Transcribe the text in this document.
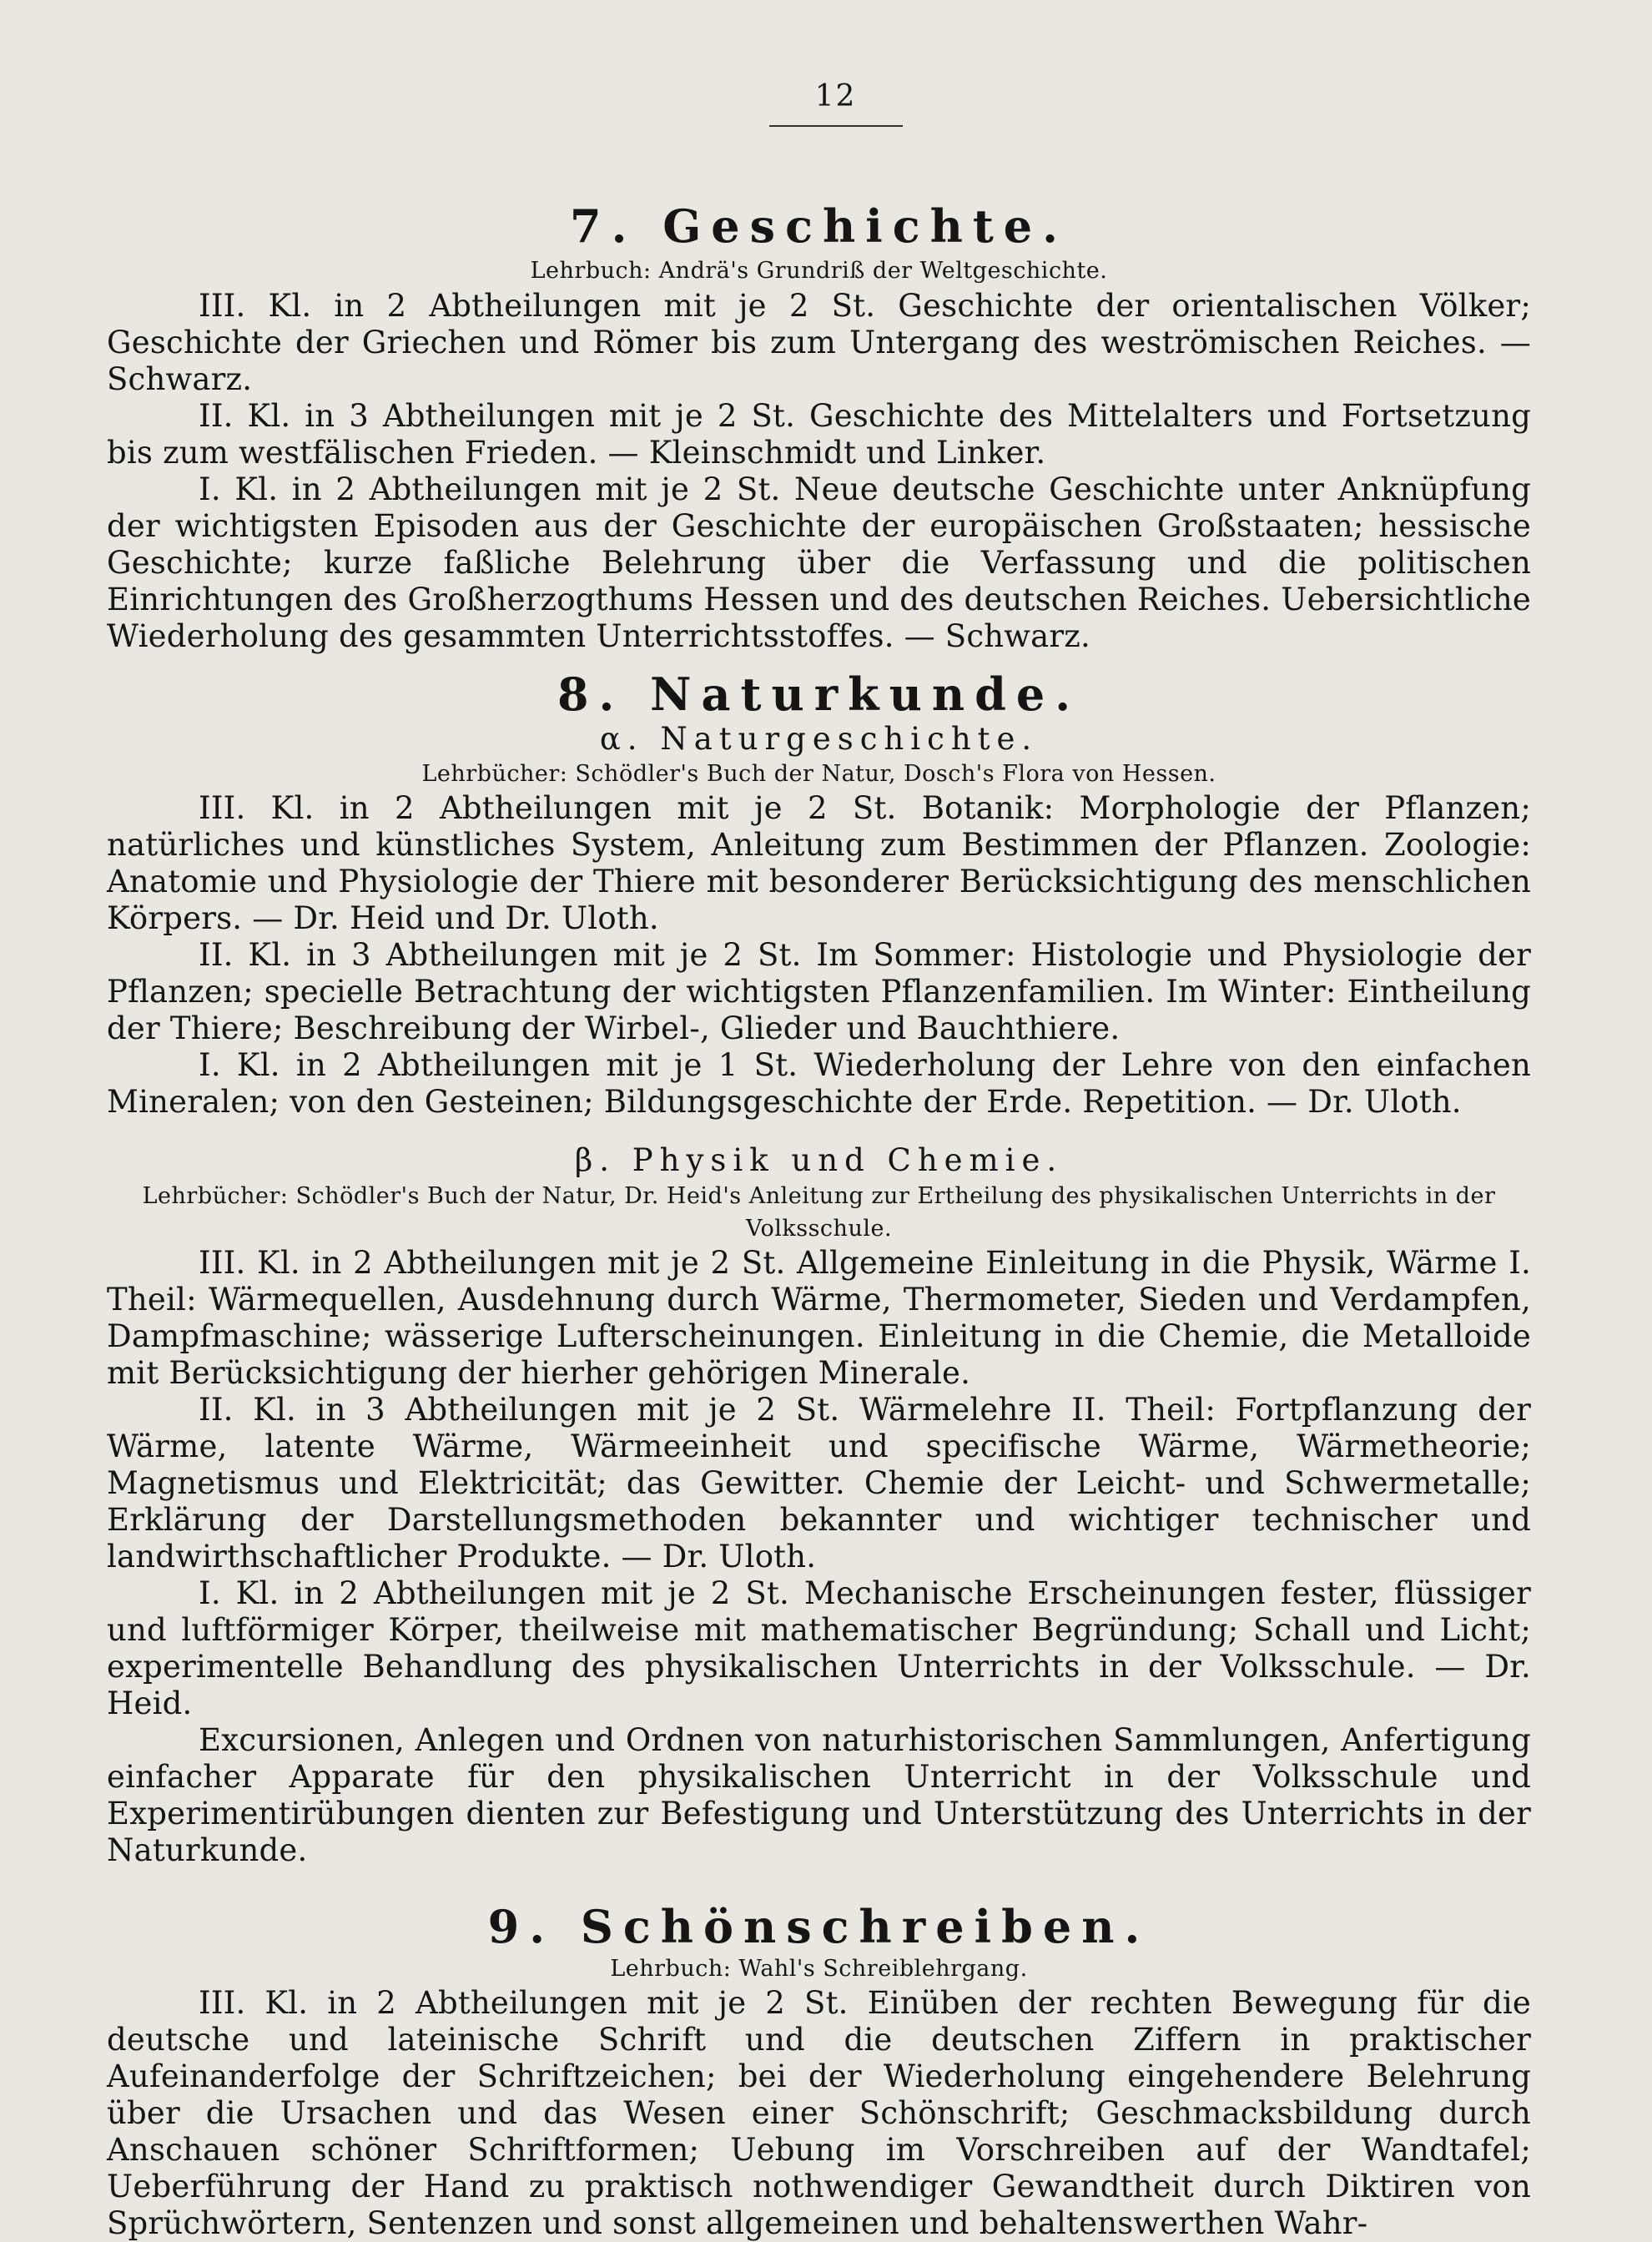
12
7. Geschichte.
Lehrbuch: Andrä's Grundriß der Weltgeschichte.

III. Kl. in 2 Abtheilungen mit je 2 St. Geschichte der orientalischen Völker; Geschichte der Griechen und Römer bis zum Untergang des weströmischen Reiches. — Schwarz.

II. Kl. in 3 Abtheilungen mit je 2 St. Geschichte des Mittelalters und Fortsetzung bis zum westfälischen Frieden. — Kleinschmidt und Linker.

I. Kl. in 2 Abtheilungen mit je 2 St. Neue deutsche Geschichte unter Anknüpfung der wichtigsten Episoden aus der Geschichte der europäischen Großstaaten; hessische Geschichte; kurze faßliche Belehrung über die Verfassung und die politischen Einrichtungen des Großherzogthums Hessen und des deutschen Reiches. Uebersichtliche Wiederholung des gesammten Unterrichtsstoffes. — Schwarz.

8. Naturkunde.
α. Naturgeschichte.
Lehrbücher: Schödler's Buch der Natur, Dosch's Flora von Hessen.

III. Kl. in 2 Abtheilungen mit je 2 St. Botanik: Morphologie der Pflanzen; natürliches und künstliches System, Anleitung zum Bestimmen der Pflanzen. Zoologie: Anatomie und Physiologie der Thiere mit besonderer Berücksichtigung des menschlichen Körpers. — Dr. Heid und Dr. Uloth.

II. Kl. in 3 Abtheilungen mit je 2 St. Im Sommer: Histologie und Physiologie der Pflanzen; specielle Betrachtung der wichtigsten Pflanzenfamilien. Im Winter: Eintheilung der Thiere; Beschreibung der Wirbel-, Glieder und Bauchthiere.

I. Kl. in 2 Abtheilungen mit je 1 St. Wiederholung der Lehre von den einfachen Mineralen; von den Gesteinen; Bildungsgeschichte der Erde. Repetition. — Dr. Uloth.

β. Physik und Chemie.
Lehrbücher: Schödler's Buch der Natur, Dr. Heid's Anleitung zur Ertheilung des physikalischen Unterrichts in der Volksschule.

III. Kl. in 2 Abtheilungen mit je 2 St. Allgemeine Einleitung in die Physik, Wärme I. Theil: Wärmequellen, Ausdehnung durch Wärme, Thermometer, Sieden und Verdampfen, Dampfmaschine; wässerige Lufterscheinungen. Einleitung in die Chemie, die Metalloide mit Berücksichtigung der hierher gehörigen Minerale.

II. Kl. in 3 Abtheilungen mit je 2 St. Wärmelehre II. Theil: Fortpflanzung der Wärme, latente Wärme, Wärmeeinheit und specifische Wärme, Wärmetheorie; Magnetismus und Elektricität; das Gewitter. Chemie der Leicht- und Schwermetalle; Erklärung der Darstellungsmethoden bekannter und wichtiger technischer und landwirthschaftlicher Produkte. — Dr. Uloth.

I. Kl. in 2 Abtheilungen mit je 2 St. Mechanische Erscheinungen fester, flüssiger und luftförmiger Körper, theilweise mit mathematischer Begründung; Schall und Licht; experimentelle Behandlung des physikalischen Unterrichts in der Volksschule. — Dr. Heid.

Excursionen, Anlegen und Ordnen von naturhistorischen Sammlungen, Anfertigung einfacher Apparate für den physikalischen Unterricht in der Volksschule und Experimentirübungen dienten zur Befestigung und Unterstützung des Unterrichts in der Naturkunde.

9. Schönschreiben.
Lehrbuch: Wahl's Schreiblehrgang.

III. Kl. in 2 Abtheilungen mit je 2 St. Einüben der rechten Bewegung für die deutsche und lateinische Schrift und die deutschen Ziffern in praktischer Aufeinanderfolge der Schriftzeichen; bei der Wiederholung eingehendere Belehrung über die Ursachen und das Wesen einer Schönschrift; Geschmacksbildung durch Anschauen schöner Schriftformen; Uebung im Vorschreiben auf der Wandtafel; Ueberführung der Hand zu praktisch nothwendiger Gewandtheit durch Diktiren von Sprüchwörtern, Sentenzen und sonst allgemeinen und behaltenswerthen Wahr-
